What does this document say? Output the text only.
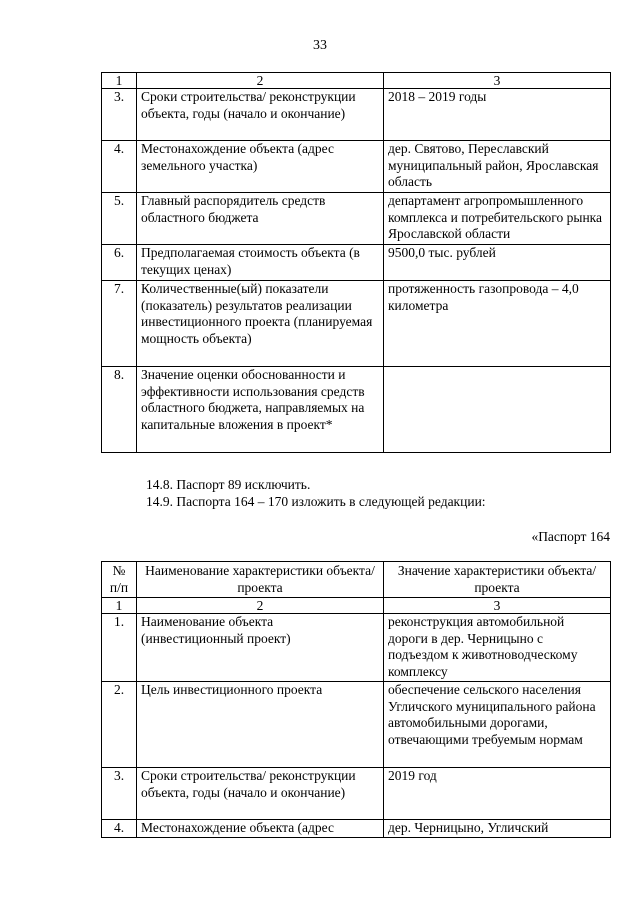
33
1	2	3
3.	Сроки строительства/ реконструкции объекта, годы (начало и окончание)	2018 – 2019 годы
4.	Местонахождение объекта (адрес земельного участка)	дер. Святово, Переславский муниципальный район, Ярославская область
5.	Главный распорядитель средств областного бюджета	департамент агропромышленного комплекса и потребительского рынка Ярославской области
6.	Предполагаемая стоимость объекта (в текущих ценах)	9500,0 тыс. рублей
7.	Количественные(ый) показатели (показатель) результатов реализации инвестиционного проекта (планируемая мощность объекта)	протяженность газопровода – 4,0 километра
8.	Значение оценки обоснованности и эффективности использования средств областного бюджета, направляемых на капитальные вложения в проект*	
14.8. Паспорт 89 исключить.
14.9. Паспорта 164 – 170 изложить в следующей редакции:
«Паспорт 164
№ п/п	Наименование характеристики объекта/проекта	Значение характеристики объекта/проекта
1	2	3
1.	Наименование объекта (инвестиционный проект)	реконструкция автомобильной дороги в дер. Черницыно с подъездом к животноводческому комплексу
2.	Цель инвестиционного проекта	обеспечение сельского населения Угличского муниципального района автомобильными дорогами, отвечающими требуемым нормам
3.	Сроки строительства/ реконструкции объекта, годы (начало и окончание)	2019 год
4.	Местонахождение объекта (адрес	дер. Черницыно, Угличский
